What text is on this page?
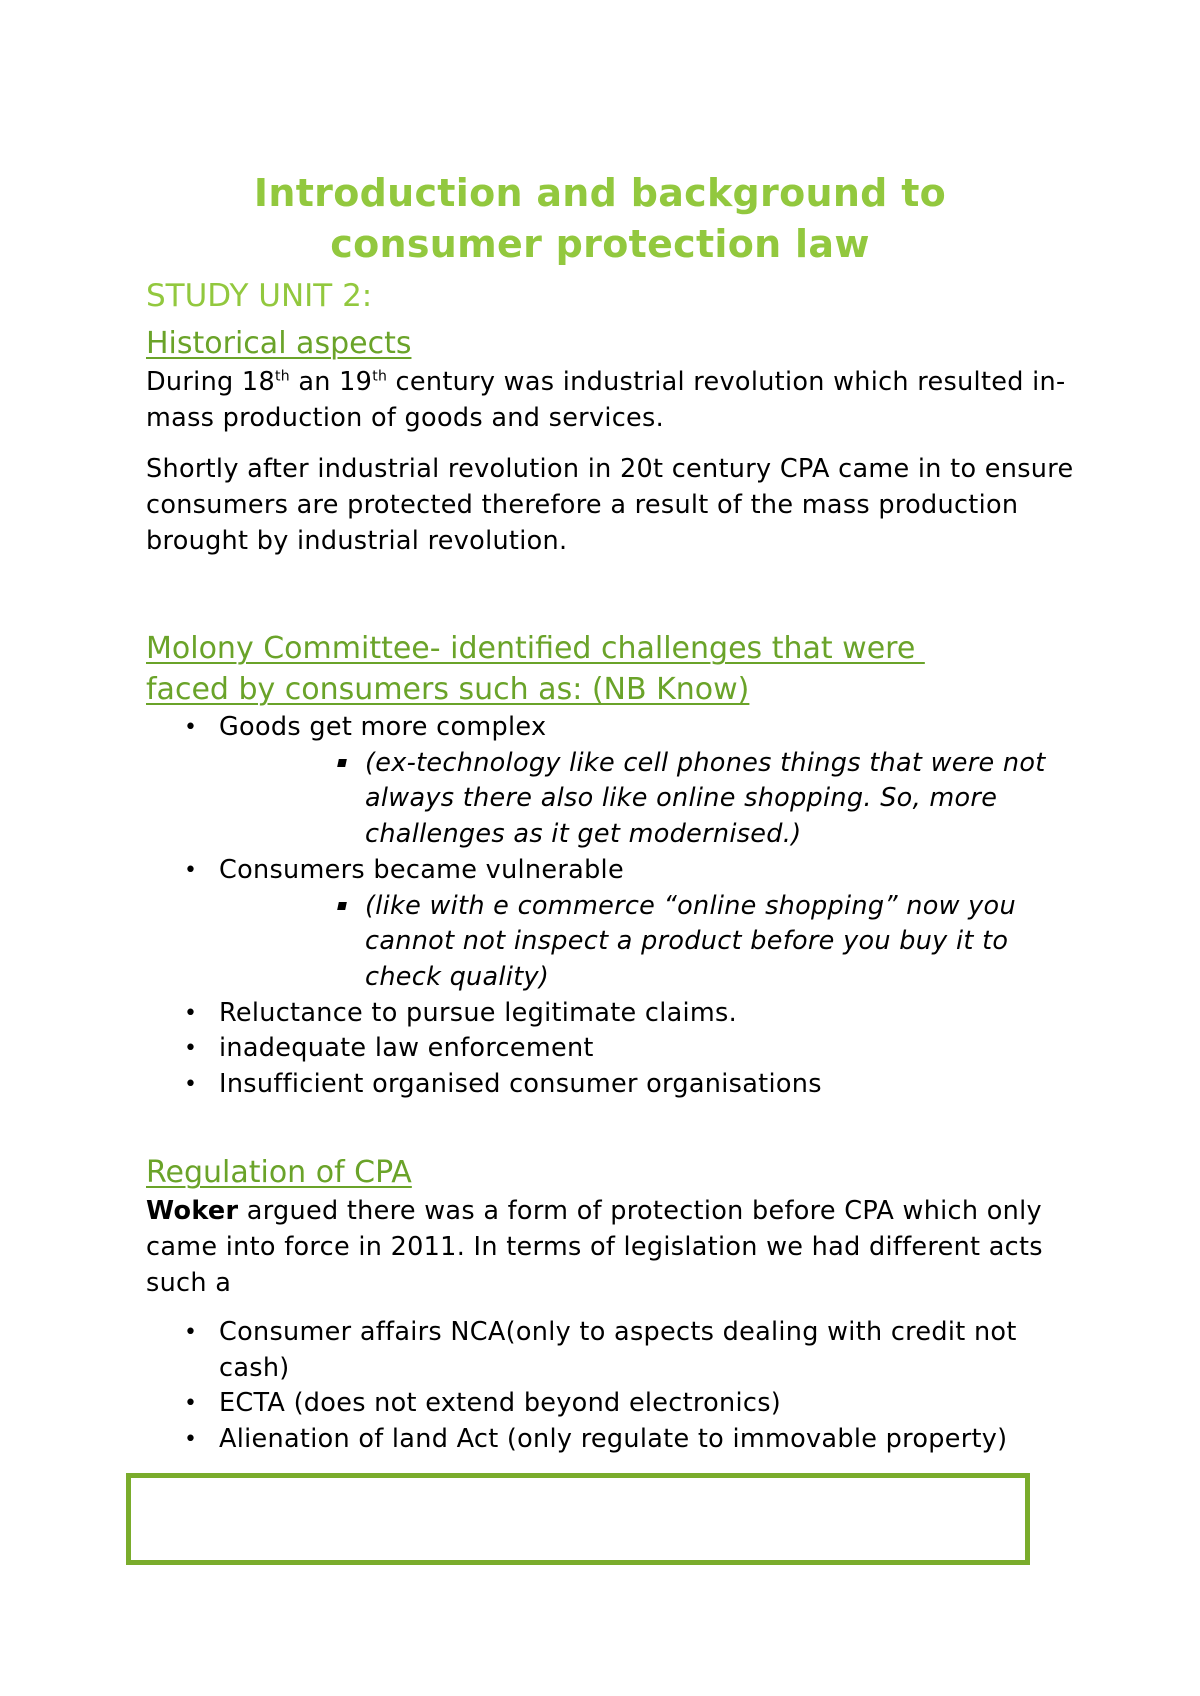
Introduction and background to
consumer protection law
STUDY UNIT 2:
Historical aspects

During 18th an 19th century was industrial revolution which resulted in- mass production of goods and services.

Shortly after industrial revolution in 20t century CPA came in to ensure consumers are protected therefore a result of the mass production brought by industrial revolution.
Molony Committee- identified challenges that were
faced by consumers such as: (NB Know)
• Goods get more complex
(ex-technology like cell phones things that were not always there also like online shopping. So, more challenges as it get modernised.)
• Consumers became vulnerable
(like with e commerce “online shopping” now you cannot not inspect a product before you buy it to check quality)
• Reluctance to pursue legitimate claims.
• inadequate law enforcement
• Insufficient organised consumer organisations
Regulation of CPA

Woker argued there was a form of protection before CPA which only came into force in 2011. In terms of legislation we had different acts such a

• Consumer affairs NCA(only to aspects dealing with credit not cash)
• ECTA (does not extend beyond electronics)
• Alienation of land Act (only regulate to immovable property)
